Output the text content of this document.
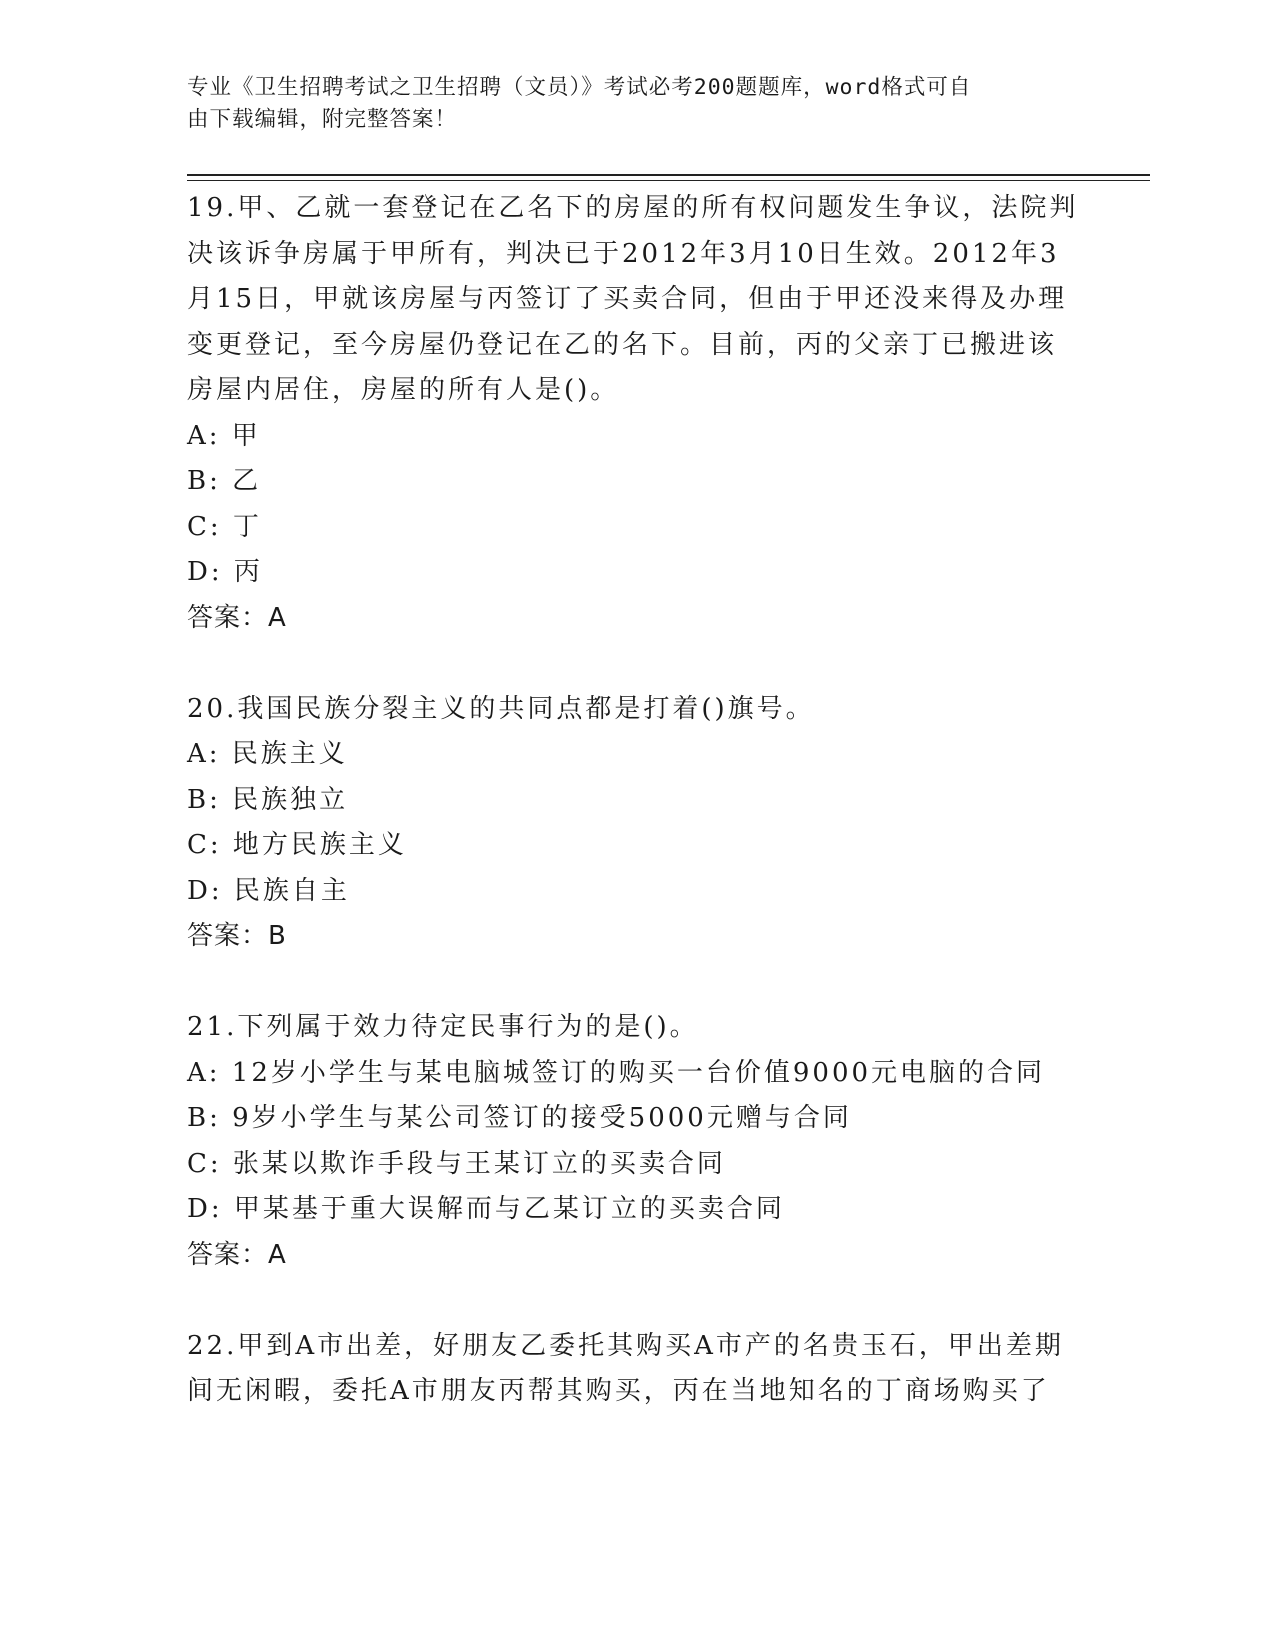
专业《卫生招聘考试之卫生招聘（文员）》考试必考200题题库，word格式可自
由下载编辑，附完整答案！
19.甲、乙就一套登记在乙名下的房屋的所有权问题发生争议，法院判
决该诉争房属于甲所有，判决已于2012年3月10日生效。2012年3
月15日，甲就该房屋与丙签订了买卖合同，但由于甲还没来得及办理
变更登记，至今房屋仍登记在乙的名下。目前，丙的父亲丁已搬进该
房屋内居住，房屋的所有人是()。
A: 甲
B: 乙
C: 丁
D: 丙
答案：A
20.我国民族分裂主义的共同点都是打着()旗号。
A: 民族主义
B: 民族独立
C: 地方民族主义
D: 民族自主
答案：B
21.下列属于效力待定民事行为的是()。
A: 12岁小学生与某电脑城签订的购买一台价值9000元电脑的合同
B: 9岁小学生与某公司签订的接受5000元赠与合同
C: 张某以欺诈手段与王某订立的买卖合同
D: 甲某基于重大误解而与乙某订立的买卖合同
答案：A
22.甲到A市出差，好朋友乙委托其购买A市产的名贵玉石，甲出差期
间无闲暇，委托A市朋友丙帮其购买，丙在当地知名的丁商场购买了
